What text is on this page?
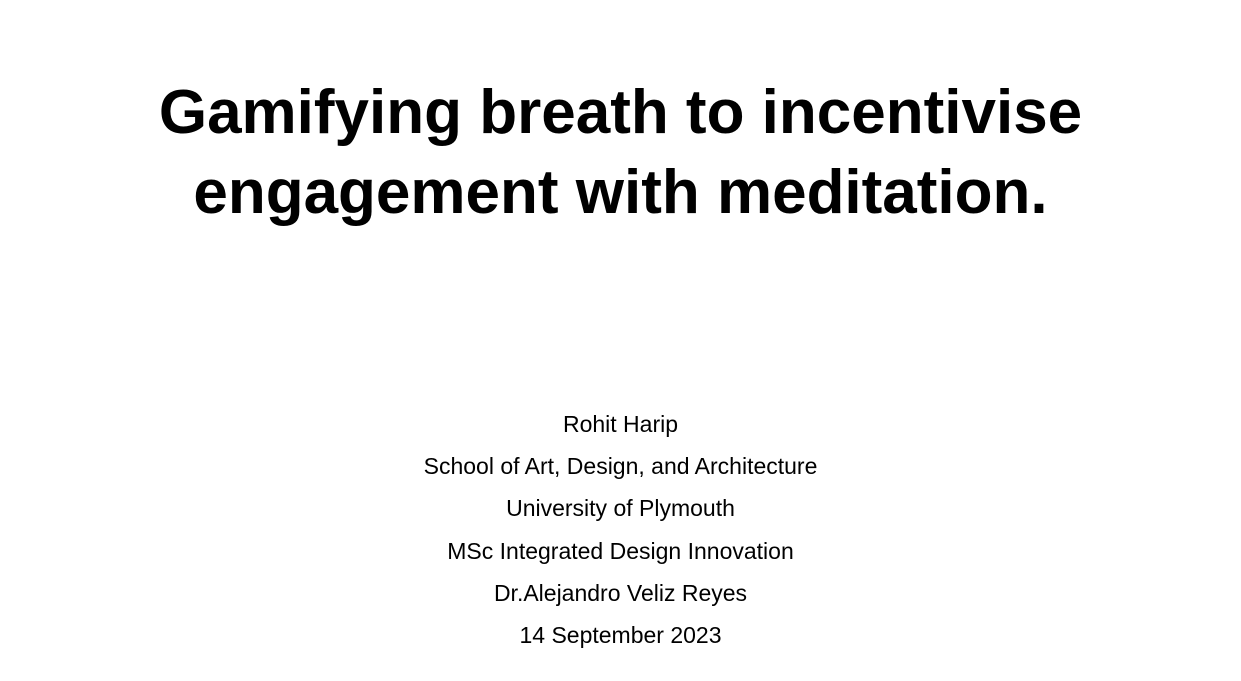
Gamifying breath to incentivise
engagement with meditation.
Rohit Harip
School of Art, Design, and Architecture
University of Plymouth
MSc Integrated Design Innovation
Dr.Alejandro Veliz Reyes
14 September 2023
